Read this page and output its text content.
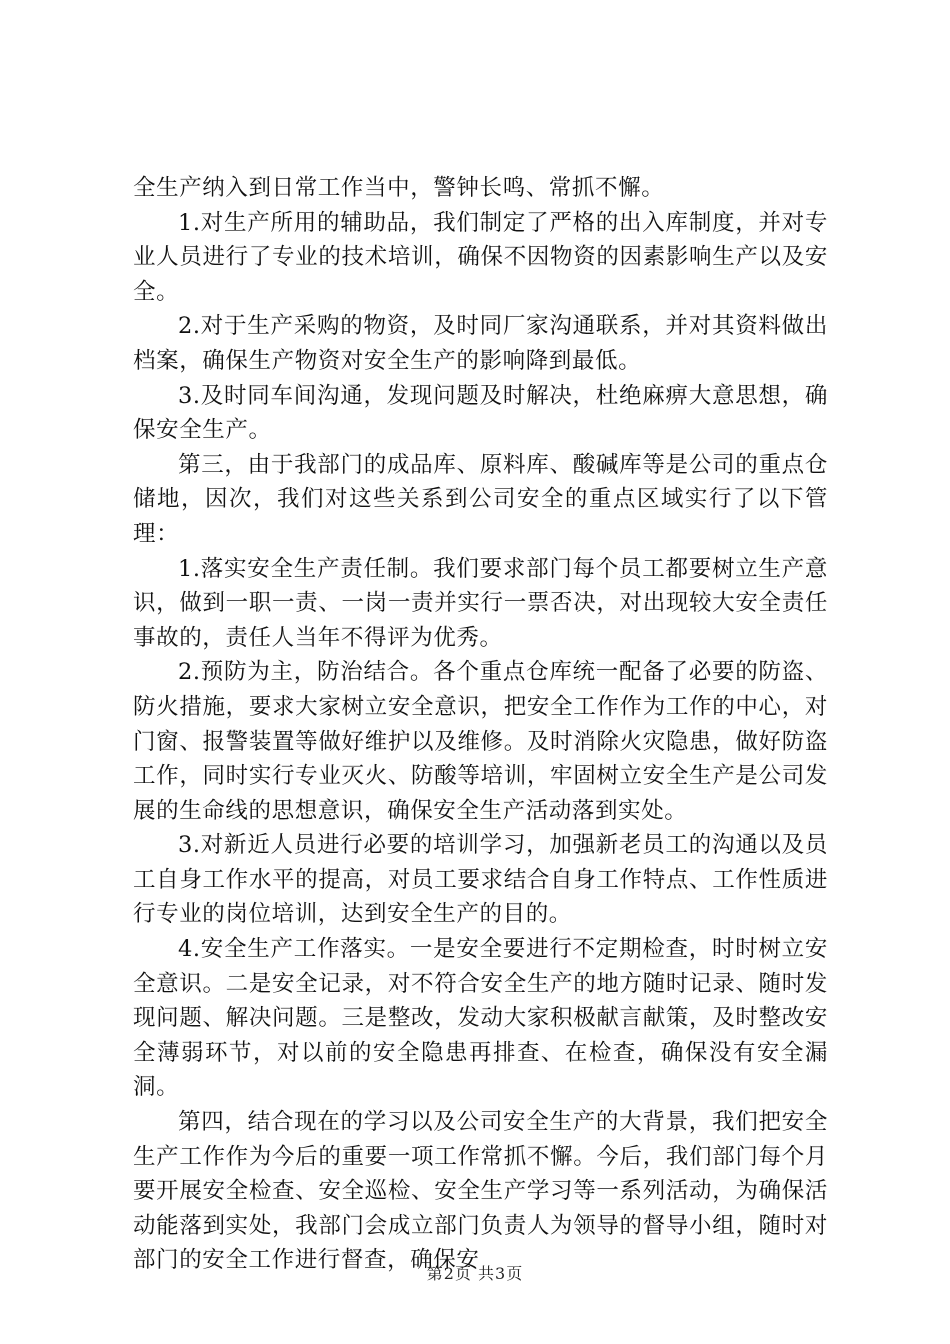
全生产纳入到日常工作当中，警钟长鸣、常抓不懈。

1.对生产所用的辅助品，我们制定了严格的出入库制度，并对专业人员进行了专业的技术培训，确保不因物资的因素影响生产以及安全。

2.对于生产采购的物资，及时同厂家沟通联系，并对其资料做出档案，确保生产物资对安全生产的影响降到最低。

3.及时同车间沟通，发现问题及时解决，杜绝麻痹大意思想，确保安全生产。

第三，由于我部门的成品库、原料库、酸碱库等是公司的重点仓储地，因次，我们对这些关系到公司安全的重点区域实行了以下管理：

1.落实安全生产责任制。我们要求部门每个员工都要树立生产意识，做到一职一责、一岗一责并实行一票否决，对出现较大安全责任事故的，责任人当年不得评为优秀。

2.预防为主，防治结合。各个重点仓库统一配备了必要的防盗、防火措施，要求大家树立安全意识，把安全工作作为工作的中心，对门窗、报警装置等做好维护以及维修。及时消除火灾隐患，做好防盗工作，同时实行专业灭火、防酸等培训，牢固树立安全生产是公司发展的生命线的思想意识，确保安全生产活动落到实处。

3.对新近人员进行必要的培训学习，加强新老员工的沟通以及员工自身工作水平的提高，对员工要求结合自身工作特点、工作性质进行专业的岗位培训，达到安全生产的目的。

4.安全生产工作落实。一是安全要进行不定期检查，时时树立安全意识。二是安全记录，对不符合安全生产的地方随时记录、随时发现问题、解决问题。三是整改，发动大家积极献言献策，及时整改安全薄弱环节，对以前的安全隐患再排查、在检查，确保没有安全漏洞。

第四，结合现在的学习以及公司安全生产的大背景，我们把安全生产工作作为今后的重要一项工作常抓不懈。今后，我们部门每个月要开展安全检查、安全巡检、安全生产学习等一系列活动，为确保活动能落到实处，我部门会成立部门负责人为领导的督导小组，随时对部门的安全工作进行督查，确保安

第2页 共3页
